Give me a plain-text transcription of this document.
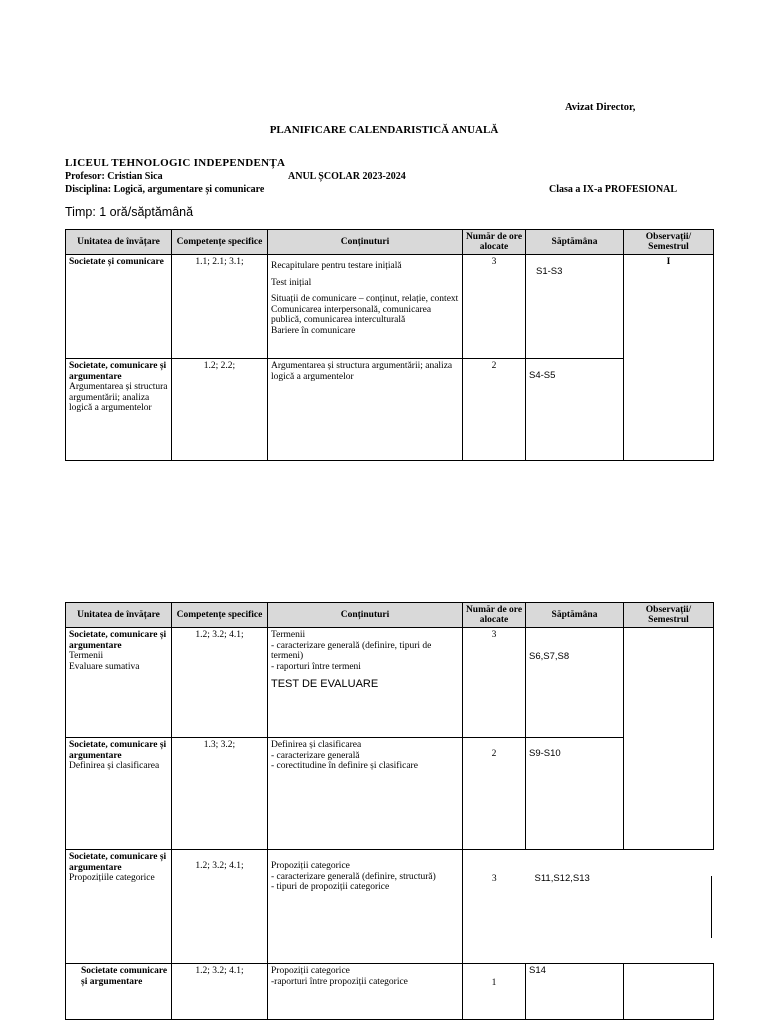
Avizat Director,
PLANIFICARE CALENDARISTICĂ ANUALĂ
LICEUL TEHNOLOGIC INDEPENDENȚA
Profesor: Cristian Sica	ANUL ȘCOLAR 2023-2024
Disciplina: Logică, argumentare și comunicare	Clasa a IX-a PROFESIONAL
Timp: 1 oră/săptămână
Unitatea de învățare	Competențe specifice	Conținuturi	Număr de ore alocate	Săptămâna	Observații/ Semestrul

Societate și comunicare	1.1; 2.1; 3.1;	Recapitulare pentru testare inițială
Test inițial
Situații de comunicare – conținut, relație, context
Comunicarea interpersonală, comunicarea publică, comunicarea interculturală
Bariere în comunicare	3	S1-S3	I

Societate, comunicare și argumentare
Argumentarea și structura argumentării; analiza logică a argumentelor	1.2; 2.2;	Argumentarea și structura argumentării; analiza logică a argumentelor	2	S4-S5	
Unitatea de învățare	Competențe specifice	Conținuturi	Număr de ore alocate	Săptămâna	Observații/ Semestrul

Societate, comunicare și argumentare
Termenii
Evaluare sumativa	1.2; 3.2; 4.1;	Termenii
- caracterizare generală (definire, tipuri de termeni)
- raporturi între termeni
TEST DE EVALUARE	3	S6,S7,S8	

Societate, comunicare și argumentare
Definirea și clasificarea	1.3; 3.2;	Definirea și clasificarea
- caracterizare generală
- corectitudine în definire și clasificare	2	S9-S10	

Societate, comunicare și argumentare
Propozițiile categorice	1.2; 3.2; 4.1;	Propoziții categorice
- caracterizare generală (definire, structură)
- tipuri de propoziții categorice	3	S11,S12,S13	

Societate comunicare și argumentare	1.2; 3.2; 4.1;	Propoziții categorice
-raporturi între propoziții categorice	1	S14	
